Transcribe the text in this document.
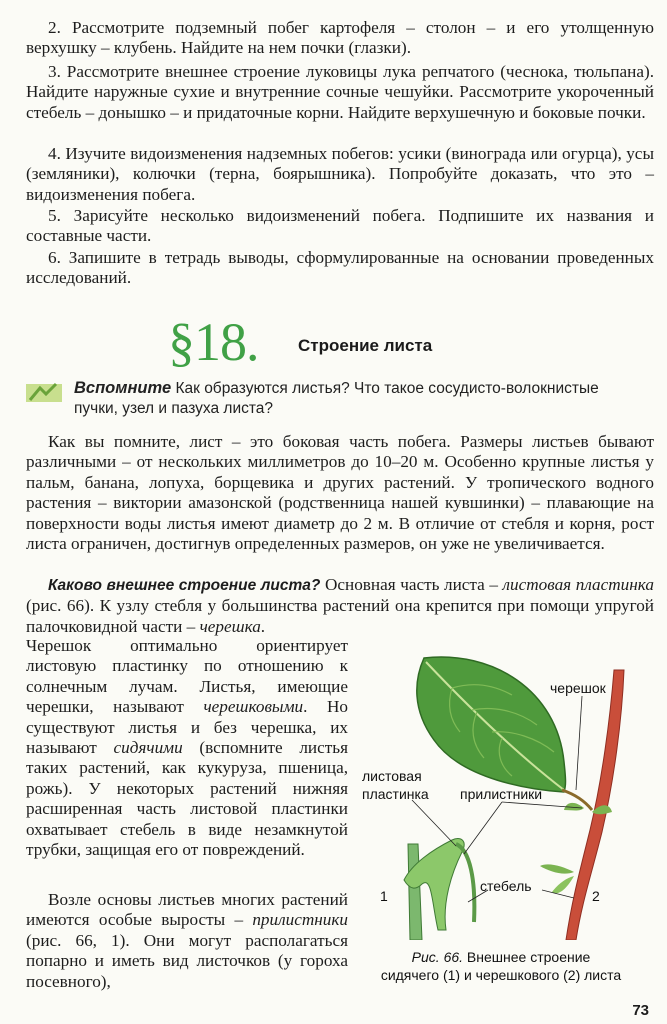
2. Рассмотрите подземный побег картофеля – столон – и его утолщенную верхушку – клубень. Найдите на нем почки (глазки).

3. Рассмотрите внешнее строение луковицы лука репчатого (чеснока, тюльпана). Найдите наружные сухие и внутренние сочные чешуйки. Рассмотрите укороченный стебель – донышко – и придаточные корни. Найдите верхушечную и боковые почки.

4. Изучите видоизменения надземных побегов: усики (винограда или огурца), усы (земляники), колючки (терна, боярышника). Попробуйте доказать, что это – видоизменения побега.

5. Зарисуйте несколько видоизменений побега. Подпишите их названия и составные части.

6. Запишите в тетрадь выводы, сформулированные на основании проведенных исследований.

§18. Строение листа
Вспомните Как образуются листья? Что такое сосудисто-волокнистые пучки, узел и пазуха листа?

Как вы помните, лист – это боковая часть побега. Размеры листьев бывают различными – от нескольких миллиметров до 10–20 м. Особенно крупные листья у пальм, банана, лопуха, борщевика и других растений. У тропического водного растения – виктории амазонской (родственница нашей кувшинки) – плавающие на поверхности воды листья имеют диаметр до 2 м. В отличие от стебля и корня, рост листа ограничен, достигнув определенных размеров, он уже не увеличивается.

Каково внешнее строение листа? Основная часть листа – листовая пластинка (рис. 66). К узлу стебля у большинства растений она крепится при помощи упругой палочковидной части – черешка.

Черешок оптимально ориентирует листовую пластинку по отношению к солнечным лучам. Листья, имеющие черешки, называют черешковыми. Но существуют листья и без черешка, их называют сидячими (вспомните листья таких растений, как кукуруза, пшеница, рожь). У некоторых растений нижняя расширенная часть листовой пластинки охватывает стебель в виде незамкнутой трубки, защищая его от повреждений.

Возле основы листьев многих растений имеются особые выросты – прилистники (рис. 66, 1). Они могут располагаться попарно и иметь вид листочков (у гороха посевного),

черешок
листовая
пластинка прилистники
стебель
1	2
Рис. 66. Внешнее строение
сидячего (1) и черешкового (2) листа
73
